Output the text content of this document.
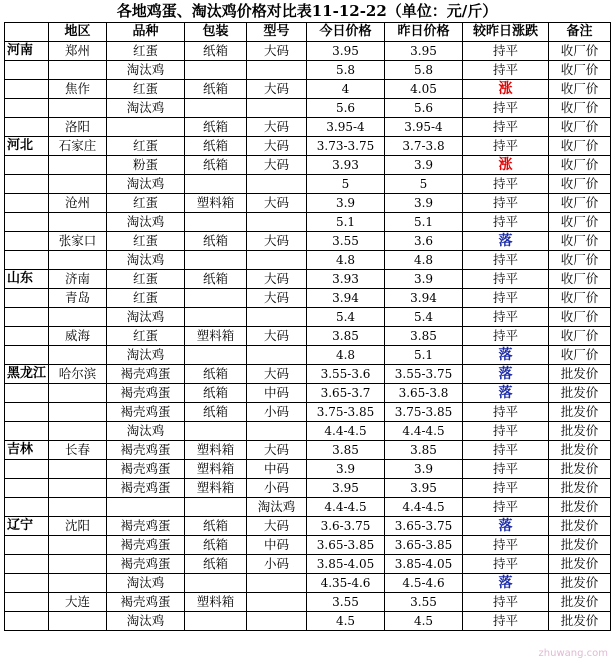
各地鸡蛋、淘汰鸡价格对比表11-12-22（单位：元/斤）
	地区	品种	包装	型号	今日价格	昨日价格	较昨日涨跌	备注
河南	郑州	红蛋	纸箱	大码	3.95	3.95	持平	收厂价
		淘汰鸡			5.8	5.8	持平	收厂价
	焦作	红蛋	纸箱	大码	4	4.05	涨	收厂价
		淘汰鸡			5.6	5.6	持平	收厂价
	洛阳		纸箱	大码	3.95-4	3.95-4	持平	收厂价
河北	石家庄	红蛋	纸箱	大码	3.73-3.75	3.7-3.8	持平	收厂价
		粉蛋	纸箱	大码	3.93	3.9	涨	收厂价
		淘汰鸡			5	5	持平	收厂价
	沧州	红蛋	塑料箱	大码	3.9	3.9	持平	收厂价
		淘汰鸡			5.1	5.1	持平	收厂价
	张家口	红蛋	纸箱	大码	3.55	3.6	落	收厂价
		淘汰鸡			4.8	4.8	持平	收厂价
山东	济南	红蛋	纸箱	大码	3.93	3.9	持平	收厂价
	青岛	红蛋		大码	3.94	3.94	持平	收厂价
		淘汰鸡			5.4	5.4	持平	收厂价
	威海	红蛋	塑料箱	大码	3.85	3.85	持平	收厂价
		淘汰鸡			4.8	5.1	落	收厂价
黑龙江	哈尔滨	褐壳鸡蛋	纸箱	大码	3.55-3.6	3.55-3.75	落	批发价
		褐壳鸡蛋	纸箱	中码	3.65-3.7	3.65-3.8	落	批发价
		褐壳鸡蛋	纸箱	小码	3.75-3.85	3.75-3.85	持平	批发价
		淘汰鸡			4.4-4.5	4.4-4.5	持平	批发价
吉林	长春	褐壳鸡蛋	塑料箱	大码	3.85	3.85	持平	批发价
		褐壳鸡蛋	塑料箱	中码	3.9	3.9	持平	批发价
		褐壳鸡蛋	塑料箱	小码	3.95	3.95	持平	批发价
				淘汰鸡	4.4-4.5	4.4-4.5	持平	批发价
辽宁	沈阳	褐壳鸡蛋	纸箱	大码	3.6-3.75	3.65-3.75	落	批发价
		褐壳鸡蛋	纸箱	中码	3.65-3.85	3.65-3.85	持平	批发价
		褐壳鸡蛋	纸箱	小码	3.85-4.05	3.85-4.05	持平	批发价
		淘汰鸡			4.35-4.6	4.5-4.6	落	批发价
	大连	褐壳鸡蛋	塑料箱		3.55	3.55	持平	批发价
		淘汰鸡			4.5	4.5	持平	批发价
zhuwang.com
